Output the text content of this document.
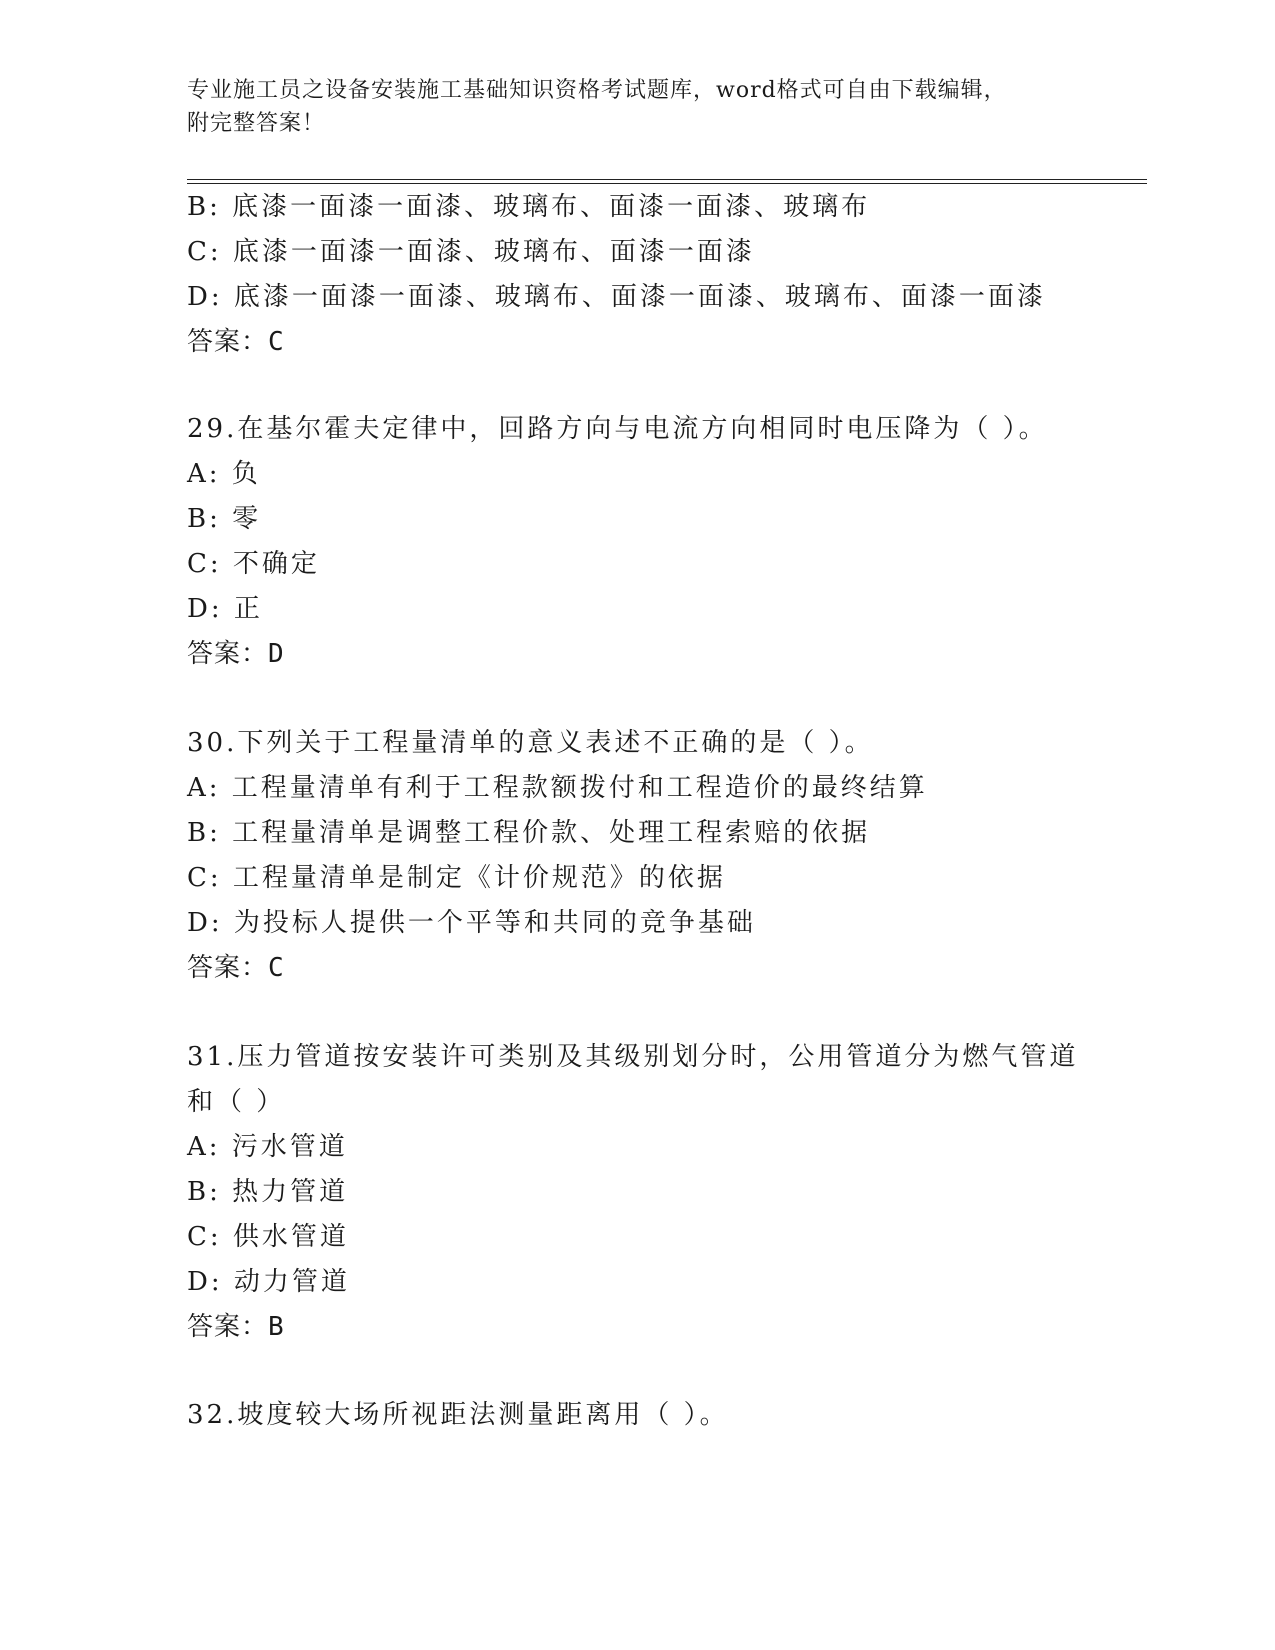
专业施工员之设备安装施工基础知识资格考试题库，word格式可自由下载编辑，
附完整答案！
B: 底漆一面漆一面漆、玻璃布、面漆一面漆、玻璃布
C: 底漆一面漆一面漆、玻璃布、面漆一面漆
D: 底漆一面漆一面漆、玻璃布、面漆一面漆、玻璃布、面漆一面漆
答案：C
29.在基尔霍夫定律中，回路方向与电流方向相同时电压降为（ ）。
A: 负
B: 零
C: 不确定
D: 正
答案：D
30.下列关于工程量清单的意义表述不正确的是（ ）。
A: 工程量清单有利于工程款额拨付和工程造价的最终结算
B: 工程量清单是调整工程价款、处理工程索赔的依据
C: 工程量清单是制定《计价规范》的依据
D: 为投标人提供一个平等和共同的竞争基础
答案：C
31.压力管道按安装许可类别及其级别划分时，公用管道分为燃气管道
和（ ）
A: 污水管道
B: 热力管道
C: 供水管道
D: 动力管道
答案：B
32.坡度较大场所视距法测量距离用（ ）。
